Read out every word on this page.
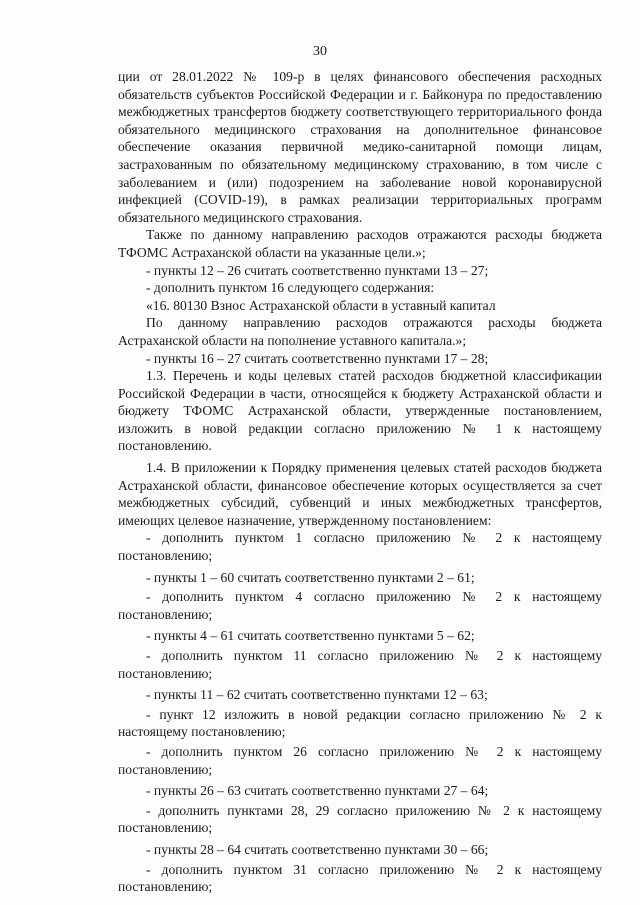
30

ции от 28.01.2022 № 109-р в целях финансового обеспечения расходных обязательств субъектов Российской Федерации и г. Байконура по предоставлению межбюджетных трансфертов бюджету соответствующего территориального фонда обязательного медицинского страхования на дополнительное финансовое обеспечение оказания первичной медико-санитарной помощи лицам, застрахованным по обязательному медицинскому страхованию, в том числе с заболеванием и (или) подозрением на заболевание новой коронавирусной инфекцией (COVID-19), в рамках реализации территориальных программ обязательного медицинского страхования.

Также по данному направлению расходов отражаются расходы бюджета ТФОМС Астраханской области на указанные цели.»;

- пункты 12 – 26 считать соответственно пунктами 13 – 27;

- дополнить пунктом 16 следующего содержания:

«16. 80130 Взнос Астраханской области в уставный капитал

По данному направлению расходов отражаются расходы бюджета Астраханской области на пополнение уставного капитала.»;

- пункты 16 – 27 считать соответственно пунктами 17 – 28;

1.3. Перечень и коды целевых статей расходов бюджетной классификации Российской Федерации в части, относящейся к бюджету Астраханской области и бюджету ТФОМС Астраханской области, утвержденные постановлением, изложить в новой редакции согласно приложению № 1 к настоящему постановлению.

1.4. В приложении к Порядку применения целевых статей расходов бюджета Астраханской области, финансовое обеспечение которых осуществляется за счет межбюджетных субсидий, субвенций и иных межбюджетных трансфертов, имеющих целевое назначение, утвержденному постановлением:

- дополнить пунктом 1 согласно приложению № 2 к настоящему постановлению;

- пункты 1 – 60 считать соответственно пунктами 2 – 61;

- дополнить пунктом 4 согласно приложению № 2 к настоящему постановлению;

- пункты 4 – 61 считать соответственно пунктами 5 – 62;

- дополнить пунктом 11 согласно приложению № 2 к настоящему постановлению;

- пункты 11 – 62 считать соответственно пунктами 12 – 63;

- пункт 12 изложить в новой редакции согласно приложению № 2 к настоящему постановлению;

- дополнить пунктом 26 согласно приложению № 2 к настоящему постановлению;

- пункты 26 – 63 считать соответственно пунктами 27 – 64;

- дополнить пунктами 28, 29 согласно приложению № 2 к настоящему постановлению;

- пункты 28 – 64 считать соответственно пунктами 30 – 66;

- дополнить пунктом 31 согласно приложению № 2 к настоящему постановлению;
